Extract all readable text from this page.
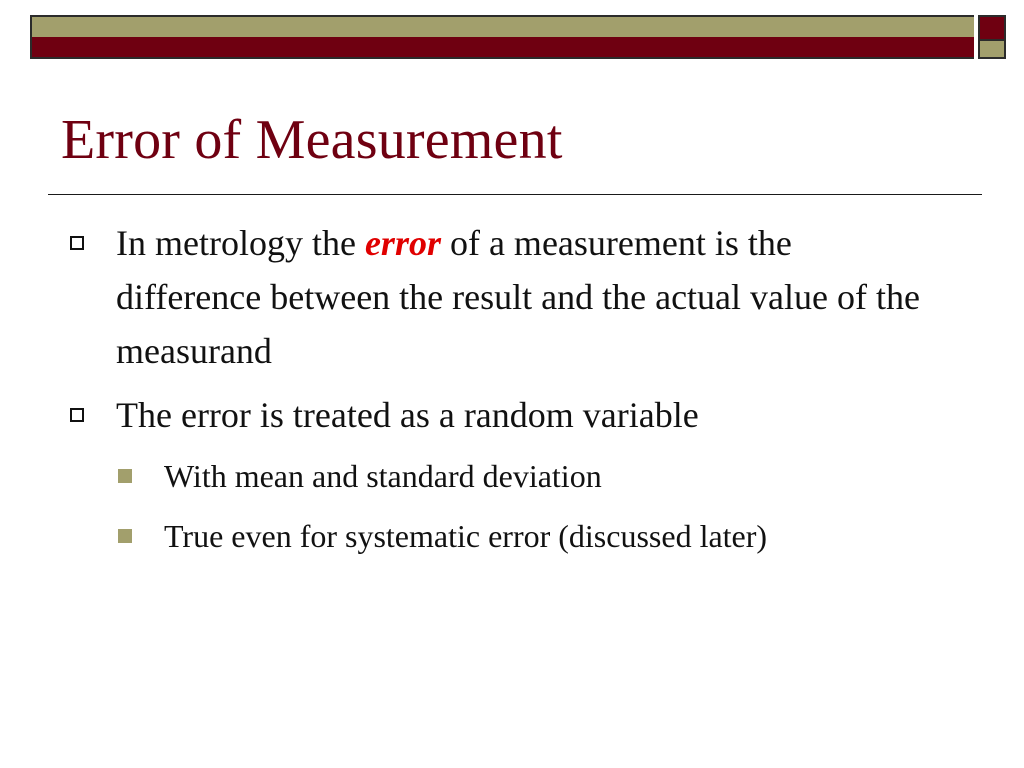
Error of Measurement
In metrology the error of a measurement is the difference between the result and the actual value of the measurand
The error is treated as a random variable
With mean and standard deviation
True even for systematic error (discussed later)
